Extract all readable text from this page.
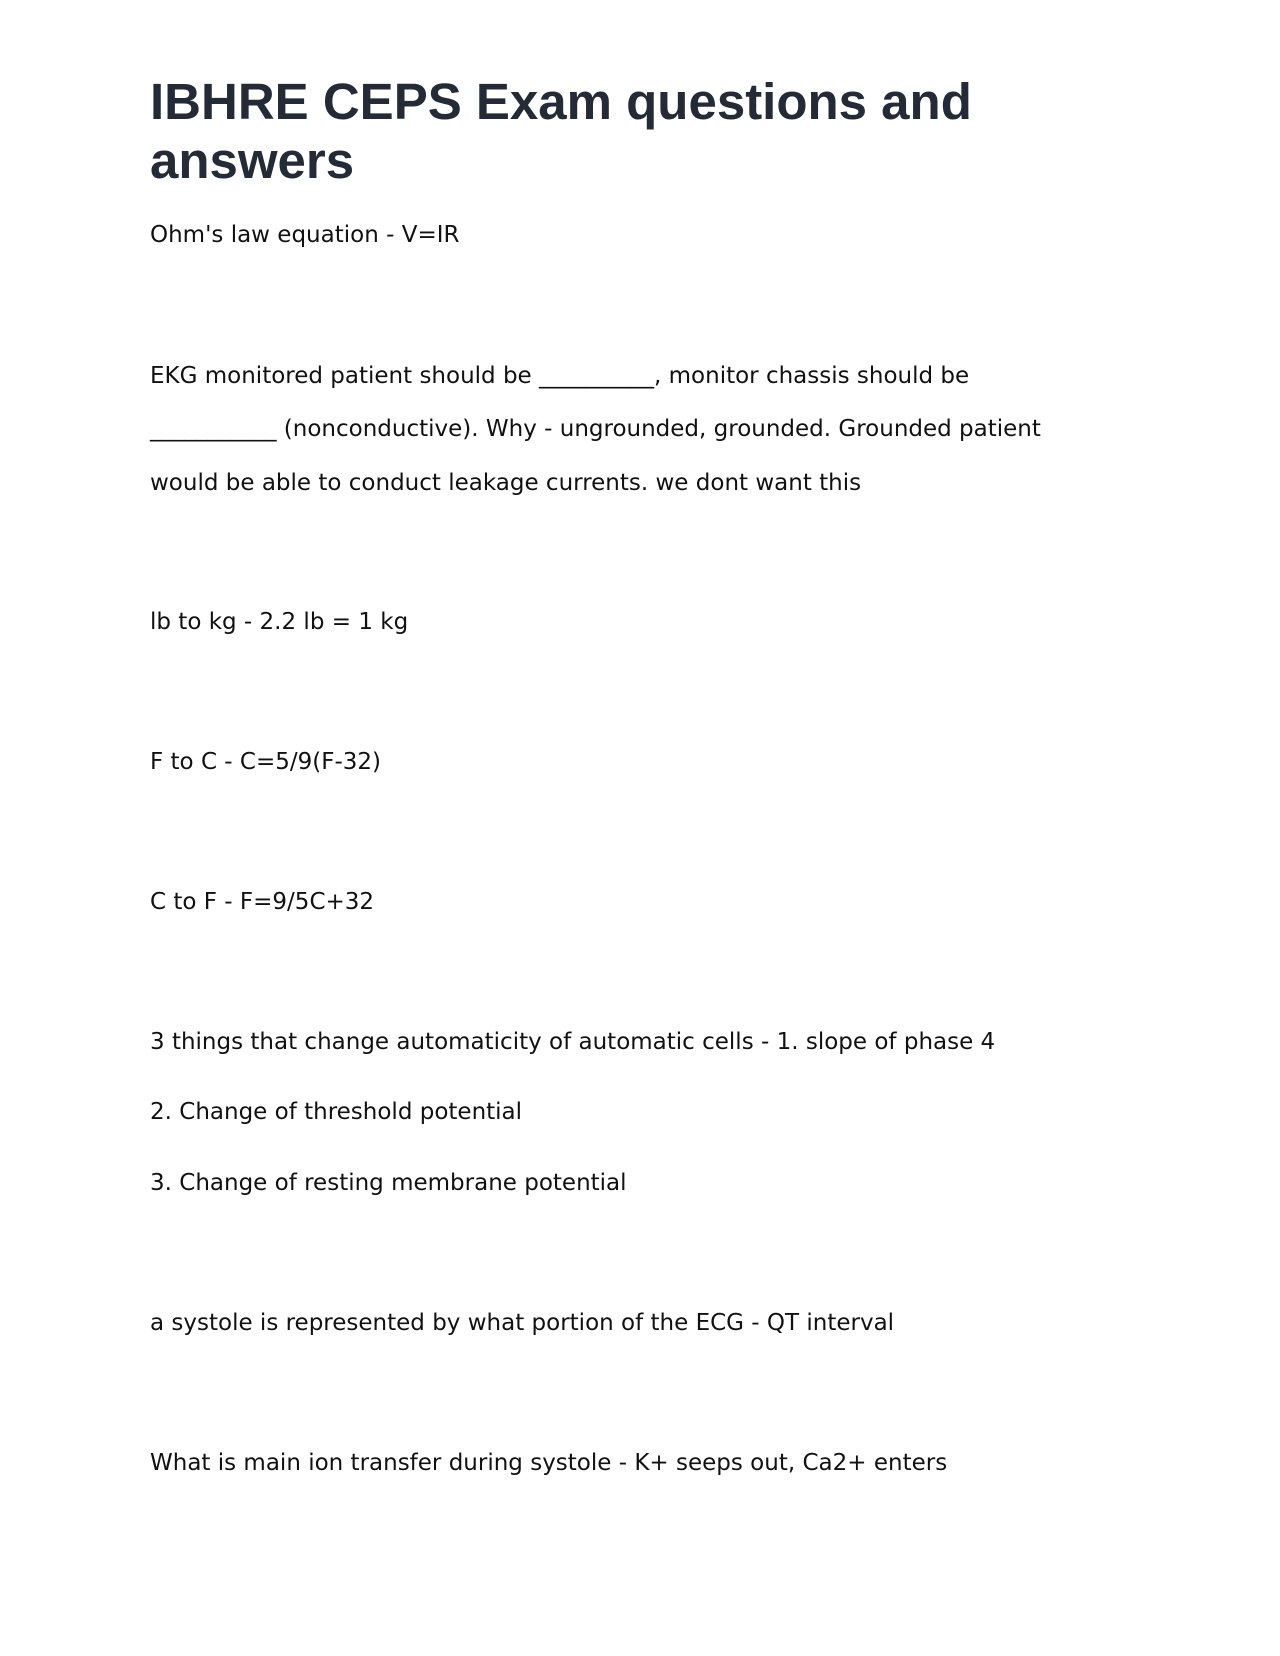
IBHRE CEPS Exam questions and answers

Ohm's law equation - V=IR

EKG monitored patient should be __________, monitor chassis should be

___________ (nonconductive). Why - ungrounded, grounded. Grounded patient

would be able to conduct leakage currents. we dont want this

lb to kg - 2.2 lb = 1 kg

F to C - C=5/9(F-32)

C to F - F=9/5C+32

3 things that change automaticity of automatic cells - 1. slope of phase 4

2. Change of threshold potential

3. Change of resting membrane potential

a systole is represented by what portion of the ECG - QT interval

What is main ion transfer during systole - K+ seeps out, Ca2+ enters
